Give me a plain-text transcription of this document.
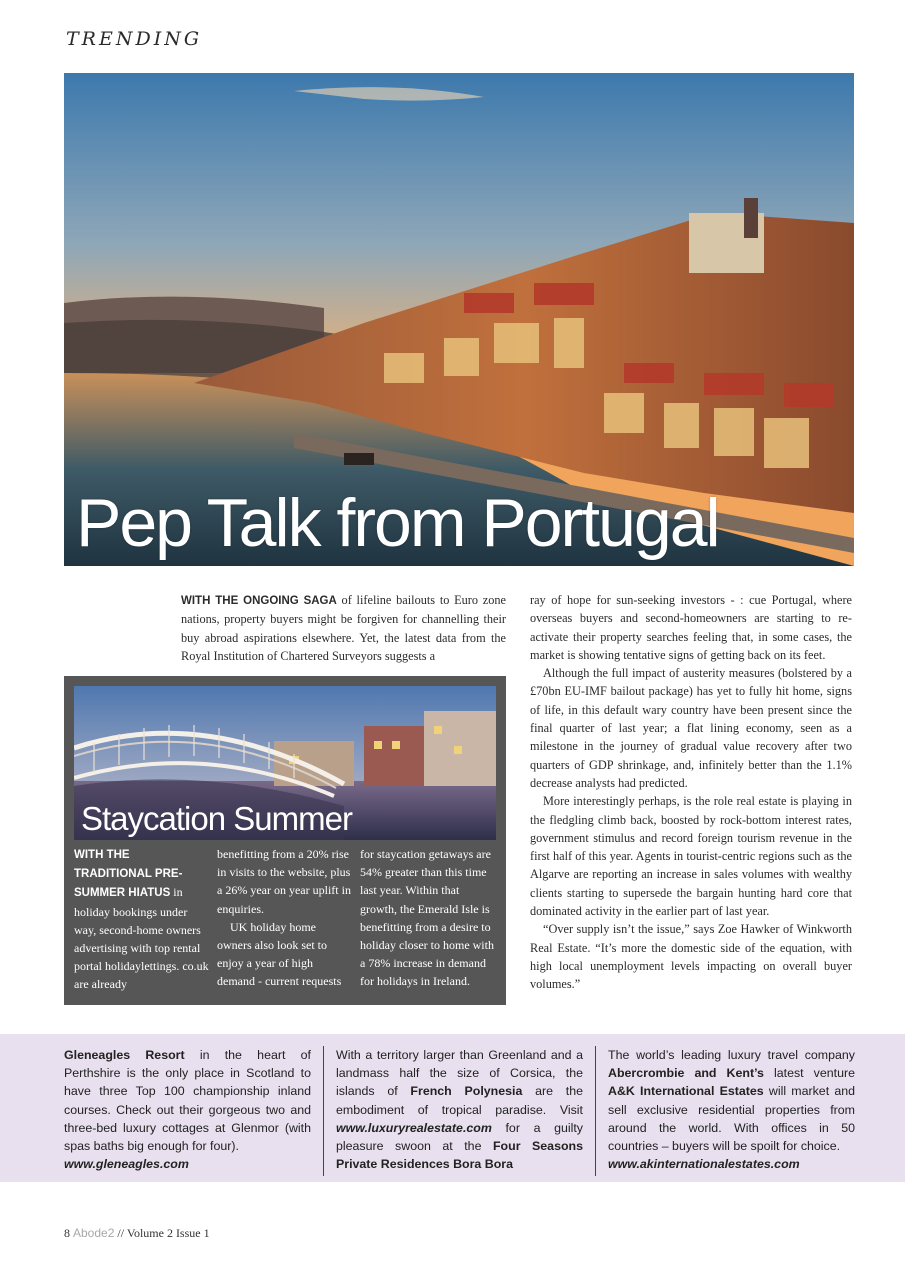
TRENDING
Pep Talk from Portugal

WITH THE ONGOING SAGA of lifeline bailouts to Euro zone nations, property buyers might be forgiven for channelling their buy abroad aspirations elsewhere. Yet, the latest data from the Royal Institution of Chartered Surveyors suggests a

ray of hope for sun-seeking investors - : cue Portugal, where overseas buyers and second-homeowners are starting to re-activate their property searches feeling that, in some cases, the market is showing tentative signs of getting back on its feet.

Although the full impact of austerity measures (bolstered by a £70bn EU-IMF bailout package) has yet to fully hit home, signs of life, in this default wary country have been present since the final quarter of last year; a flat lining economy, seen as a milestone in the journey of gradual value recovery after two quarters of GDP shrinkage, and, infinitely better than the 1.1% decrease analysts had predicted.

More interestingly perhaps, is the role real estate is playing in the fledgling climb back, boosted by rock-bottom interest rates, government stimulus and record foreign tourism revenue in the first half of this year. Agents in tourist-centric regions such as the Algarve are reporting an increase in sales volumes with wealthy clients starting to supersede the bargain hunting hard core that dominated activity in the earlier part of last year.

“Over supply isn’t the issue,” says Zoe Hawker of Winkworth Real Estate. “It’s more the domestic side of the equation, with high local unemployment levels impacting on overall buyer volumes.”

Staycation Summer

WITH THE TRADITIONAL PRE-SUMMER HIATUS in holiday bookings under way, second-home owners advertising with top rental portal holidaylettings. co.uk are already

benefitting from a 20% rise in visits to the website, plus a 26% year on year uplift in enquiries.

UK holiday home owners also look set to enjoy a year of high demand - current requests

for staycation getaways are 54% greater than this time last year. Within that growth, the Emerald Isle is benefitting from a desire to holiday closer to home with a 78% increase in demand for holidays in Ireland.

Gleneagles Resort in the heart of Perthshire is the only place in Scotland to have three Top 100 championship inland courses. Check out their gorgeous two and three-bed luxury cottages at Glenmor (with spas baths big enough for four).
www.gleneagles.com
With a territory larger than Greenland and a landmass half the size of Corsica, the islands of French Polynesia are the embodiment of tropical paradise. Visit www.luxuryrealestate.com for a guilty pleasure swoon at the Four Seasons Private Residences Bora Bora
The world’s leading luxury travel company Abercrombie and Kent’s latest venture A&K International Estates will market and sell exclusive residential properties from around the world. With offices in 50 countries – buyers will be spoilt for choice.
www.akinternationalestates.com
8 Abode2 // Volume 2 Issue 1
